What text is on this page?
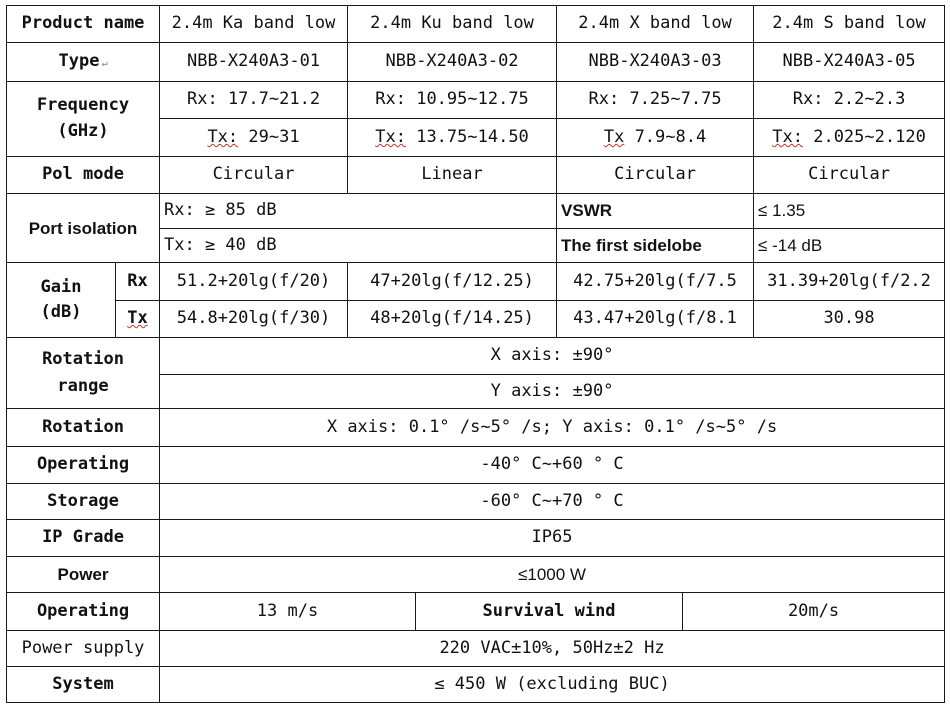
Product name		2.4m Ka band low	2.4m Ku band low		2.4m X band low		2.4m S band low
Type ↵		NBB-X240A3-01	NBB-X240A3-02		NBB-X240A3-03		NBB-X240A3-05

Frequency
(GHz)		Rx: 17.7~21.2	Rx: 10.95~12.75		Rx: 7.25~7.75		Rx: 2.2~2.3
		Tx: 29~31	Tx: 13.75~14.50		Tx 7.9~8.4		Tx: 2.025~2.120
Pol mode		Circular	Linear		Circular		Circular
Port isolation		Rx: ≥ 85 dB			VSWR		≤ 1.35
		Tx: ≥ 40 dB			The first sidelobe		≤ -14 dB

Gain
(dB)	Rx	51.2+20lg(f/20)	47+20lg(f/12.25)		42.75+20lg(f/7.5		31.39+20lg(f/2.2
	Tx	54.8+20lg(f/30)	48+20lg(f/14.25)		43.47+20lg(f/8.1		30.98

Rotation
range		X axis: ±90°					
		Y axis: ±90°					
Rotation		X axis: 0.1° /s~5° /s; Y axis: 0.1° /s~5° /s					
Operating		-40° C~+60 ° C					
Storage		-60° C~+70 ° C					
IP Grade		IP65					
Power		≤1000 W					
Operating		13 m/s		Survival wind		20m/s	
Power supply		220 VAC±10%, 50Hz±2 Hz					
System		≤ 450 W (excluding BUC)					
